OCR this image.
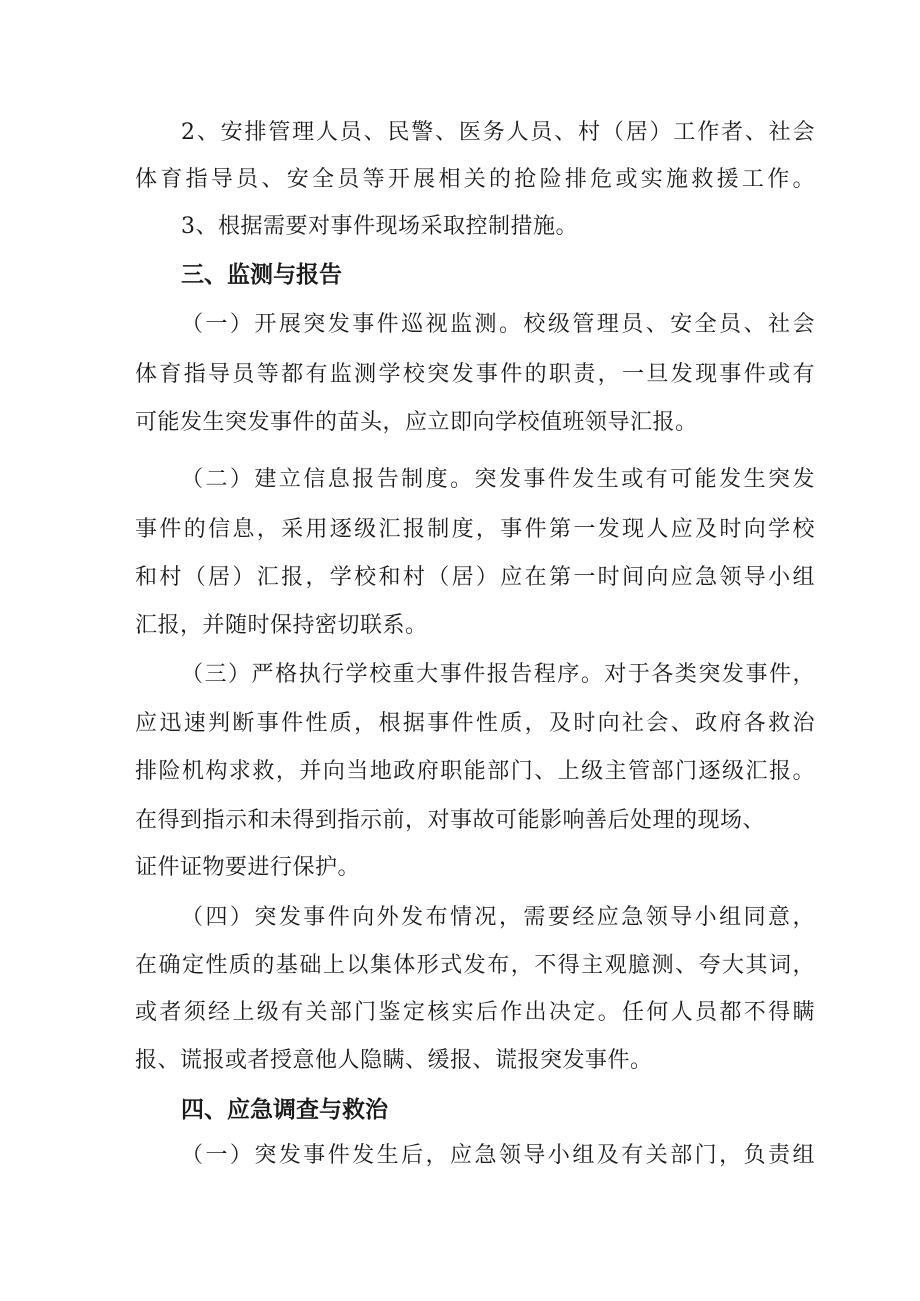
2、安排管理人员、民警、医务人员、村（居）工作者、社会
体育指导员、安全员等开展相关的抢险排危或实施救援工作。
3、根据需要对事件现场采取控制措施。
三、监测与报告
（一）开展突发事件巡视监测。校级管理员、安全员、社会
体育指导员等都有监测学校突发事件的职责，一旦发现事件或有
可能发生突发事件的苗头，应立即向学校值班领导汇报。
（二）建立信息报告制度。突发事件发生或有可能发生突发
事件的信息，采用逐级汇报制度，事件第一发现人应及时向学校
和村（居）汇报，学校和村（居）应在第一时间向应急领导小组
汇报，并随时保持密切联系。
（三）严格执行学校重大事件报告程序。对于各类突发事件，
应迅速判断事件性质，根据事件性质，及时向社会、政府各救治
排险机构求救，并向当地政府职能部门、上级主管部门逐级汇报。
在得到指示和未得到指示前，对事故可能影响善后处理的现场、
证件证物要进行保护。
（四）突发事件向外发布情况，需要经应急领导小组同意，
在确定性质的基础上以集体形式发布，不得主观臆测、夸大其词，
或者须经上级有关部门鉴定核实后作出决定。任何人员都不得瞒
报、谎报或者授意他人隐瞒、缓报、谎报突发事件。
四、应急调查与救治
（一）突发事件发生后，应急领导小组及有关部门，负责组
